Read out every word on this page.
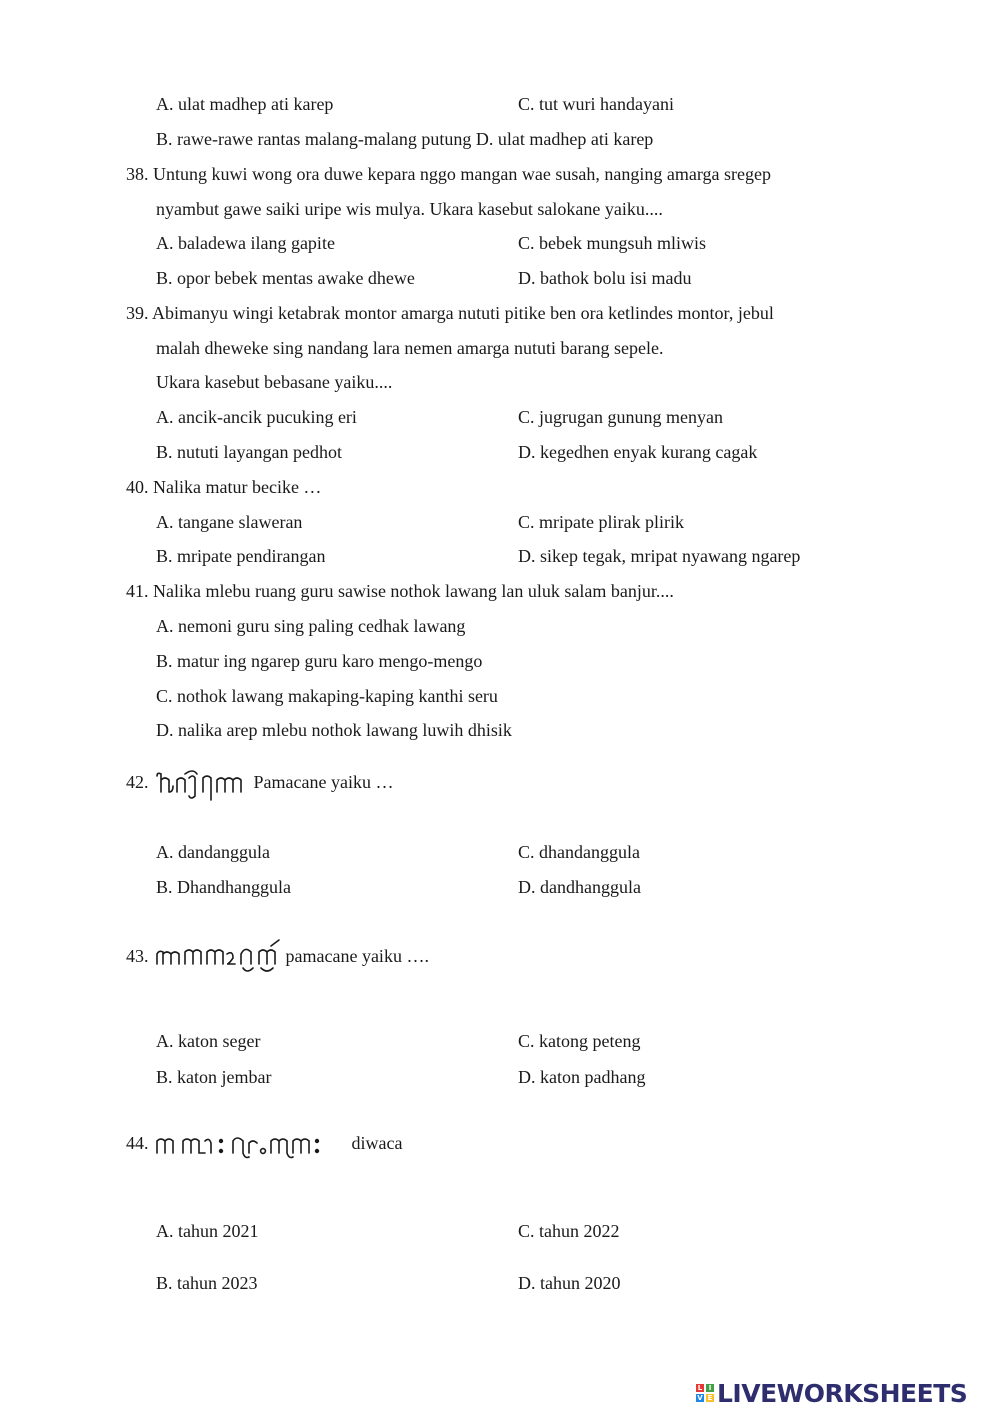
A. ulat madhep ati karep	C. tut wuri handayani
B. rawe-rawe rantas malang-malang putung D. ulat madhep ati karep
38. Untung kuwi wong ora duwe kepara nggo mangan wae susah, nanging amarga sregep
nyambut gawe saiki uripe wis mulya. Ukara kasebut salokane yaiku....
A. baladewa ilang gapite	C. bebek mungsuh mliwis
B. opor bebek mentas awake dhewe	D. bathok bolu isi madu
39. Abimanyu wingi ketabrak montor amarga nututi pitike ben ora ketlindes montor, jebul
malah dheweke sing nandang lara nemen amarga nututi barang sepele.
Ukara kasebut bebasane yaiku....
A. ancik-ancik pucuking eri	C. jugrugan gunung menyan
B. nututi layangan pedhot	D. kegedhen enyak kurang cagak
40. Nalika matur becike …
A. tangane slaweran	C. mripate plirak plirik
B. mripate pendirangan	D. sikep tegak, mripat nyawang ngarep
41. Nalika mlebu ruang guru sawise nothok lawang lan uluk salam banjur....
A. nemoni guru sing paling cedhak lawang
B. matur ing ngarep guru karo mengo-mengo
C. nothok lawang makaping-kaping kanthi seru
D. nalika arep mlebu nothok lawang luwih dhisik
42.	Pamacane yaiku …
A. dandanggula	C. dhandanggula
B. Dhandhanggula	D. dandhanggula
43.	pamacane yaiku ….
A. katon seger	C. katong peteng
B. katon jembar	D. katon padhang
44.	diwaca
A. tahun 2021	C. tahun 2022
B. tahun 2023	D. tahun 2020
L I
V E LIVEWORKSHEETS
